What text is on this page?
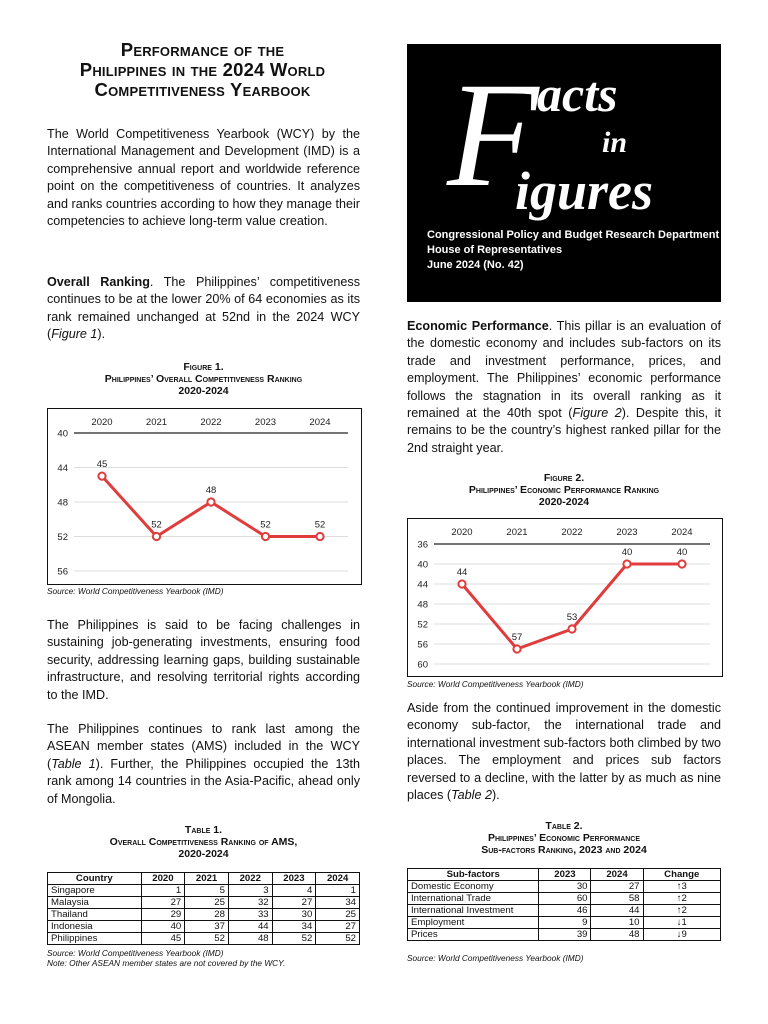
Performance of the
Philippines in the 2024 World
Competitiveness Yearbook

The World Competitiveness Yearbook (WCY) by the International Management and Development (IMD) is a comprehensive annual report and worldwide reference point on the competitiveness of countries. It analyzes and ranks countries according to how they manage their competencies to achieve long-term value creation.

Overall Ranking. The Philippines’ competitiveness continues to be at the lower 20% of 64 economies as its rank remained unchanged at 52nd in the 2024 WCY (Figure 1).

Figure 1.
Philippines’ Overall Competitiveness Ranking
2020-2024
40
44
48
52
56
2020	2021	2022	2023	2024
45
52
48
52	52
Source: World Competitiveness Yearbook (IMD)

The Philippines is said to be facing challenges in sustaining job-generating investments, ensuring food security, addressing learning gaps, building sustainable infrastructure, and resolving territorial rights according to the IMD.

The Philippines continues to rank last among the ASEAN member states (AMS) included in the WCY (Table 1). Further, the Philippines occupied the 13th rank among 14 countries in the Asia-Pacific, ahead only of Mongolia.

Table 1.
Overall Competitiveness Ranking of AMS,
2020-2024
Country	2020	2021	2022	2023	2024
Singapore	1	5	3	4	1
Malaysia	27	25	32	27	34
Thailand	29	28	33	30	25
Indonesia	40	37	44	34	27
Philippines	45	52	48	52	52
Source: World Competitiveness Yearbook (IMD)
Note: Other ASEAN member states are not covered by the WCY.
F
acts
in
igures
Congressional Policy and Budget Research Department
House of Representatives
June 2024 (No. 42)

Economic Performance. This pillar is an evaluation of the domestic economy and includes sub-factors on its trade and investment performance, prices, and employment. The Philippines’ economic performance follows the stagnation in its overall ranking as it remained at the 40th spot (Figure 2). Despite this, it remains to be the country’s highest ranked pillar for the 2nd straight year.

Figure 2.
Philippines’ Economic Performance Ranking
2020-2024
36
40
44
48
52
56
60
2020	2021	2022	2023	2024
44
57
53
40	40
Source: World Competitiveness Yearbook (IMD)

Aside from the continued improvement in the domestic economy sub-factor, the international trade and international investment sub-factors both climbed by two places. The employment and prices sub factors reversed to a decline, with the latter by as much as nine places (Table 2).

Table 2.
Philippines’ Economic Performance
Sub-factors Ranking, 2023 and 2024
Sub-factors	2023	2024	Change
Domestic Economy	30	27	↑3
International Trade	60	58	↑2
International Investment	46	44	↑2
Employment	9	10	↓1
Prices	39	48	↓9
Source: World Competitiveness Yearbook (IMD)
